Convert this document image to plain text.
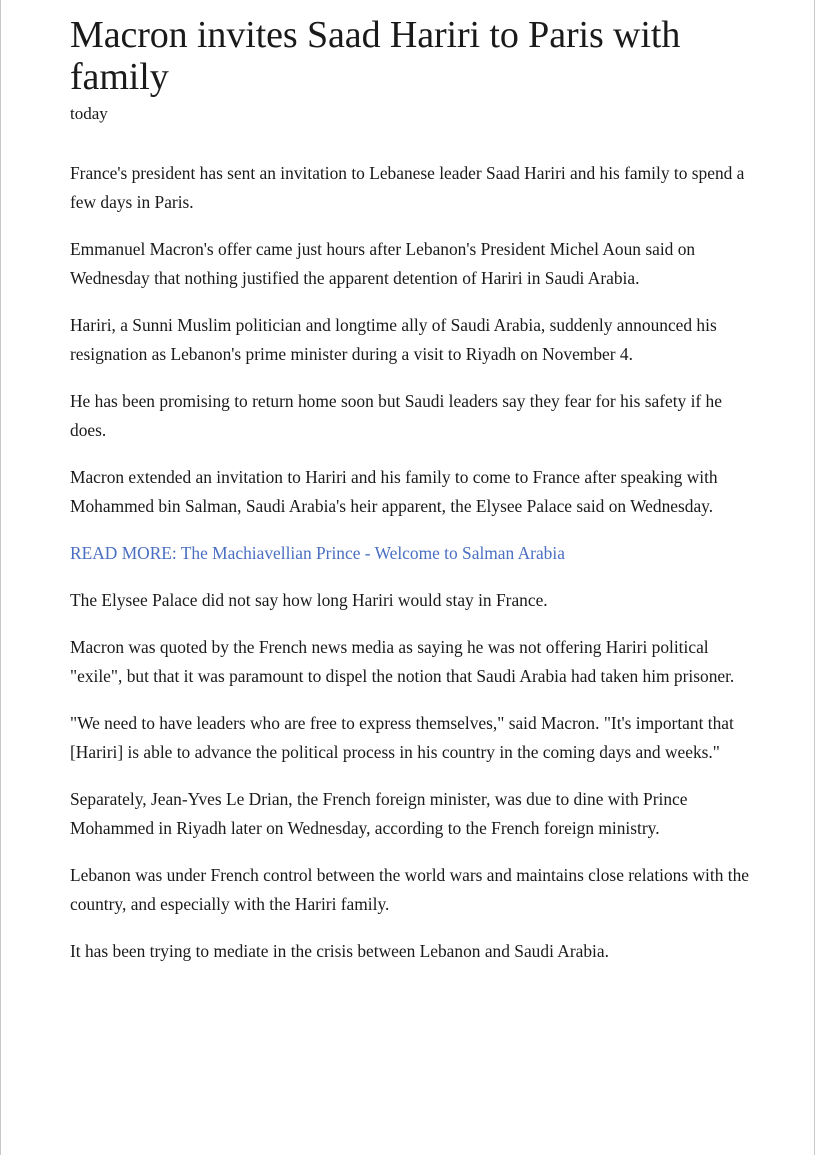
Macron invites Saad Hariri to Paris with family
today

France's president has sent an invitation to Lebanese leader Saad Hariri and his family to spend a few days in Paris.

Emmanuel Macron's offer came just hours after Lebanon's President Michel Aoun said on Wednesday that nothing justified the apparent detention of Hariri in Saudi Arabia.

Hariri, a Sunni Muslim politician and longtime ally of Saudi Arabia, suddenly announced his resignation as Lebanon's prime minister during a visit to Riyadh on November 4.

He has been promising to return home soon but Saudi leaders say they fear for his safety if he does.

Macron extended an invitation to Hariri and his family to come to France after speaking with Mohammed bin Salman, Saudi Arabia's heir apparent, the Elysee Palace said on Wednesday.

READ MORE: The Machiavellian Prince - Welcome to Salman Arabia

The Elysee Palace did not say how long Hariri would stay in France.

Macron was quoted by the French news media as saying he was not offering Hariri political "exile", but that it was paramount to dispel the notion that Saudi Arabia had taken him prisoner.

"We need to have leaders who are free to express themselves," said Macron. "It's important that [Hariri] is able to advance the political process in his country in the coming days and weeks."

Separately, Jean-Yves Le Drian, the French foreign minister, was due to dine with Prince Mohammed in Riyadh later on Wednesday, according to the French foreign ministry.

Lebanon was under French control between the world wars and maintains close relations with the country, and especially with the Hariri family.

It has been trying to mediate in the crisis between Lebanon and Saudi Arabia.
